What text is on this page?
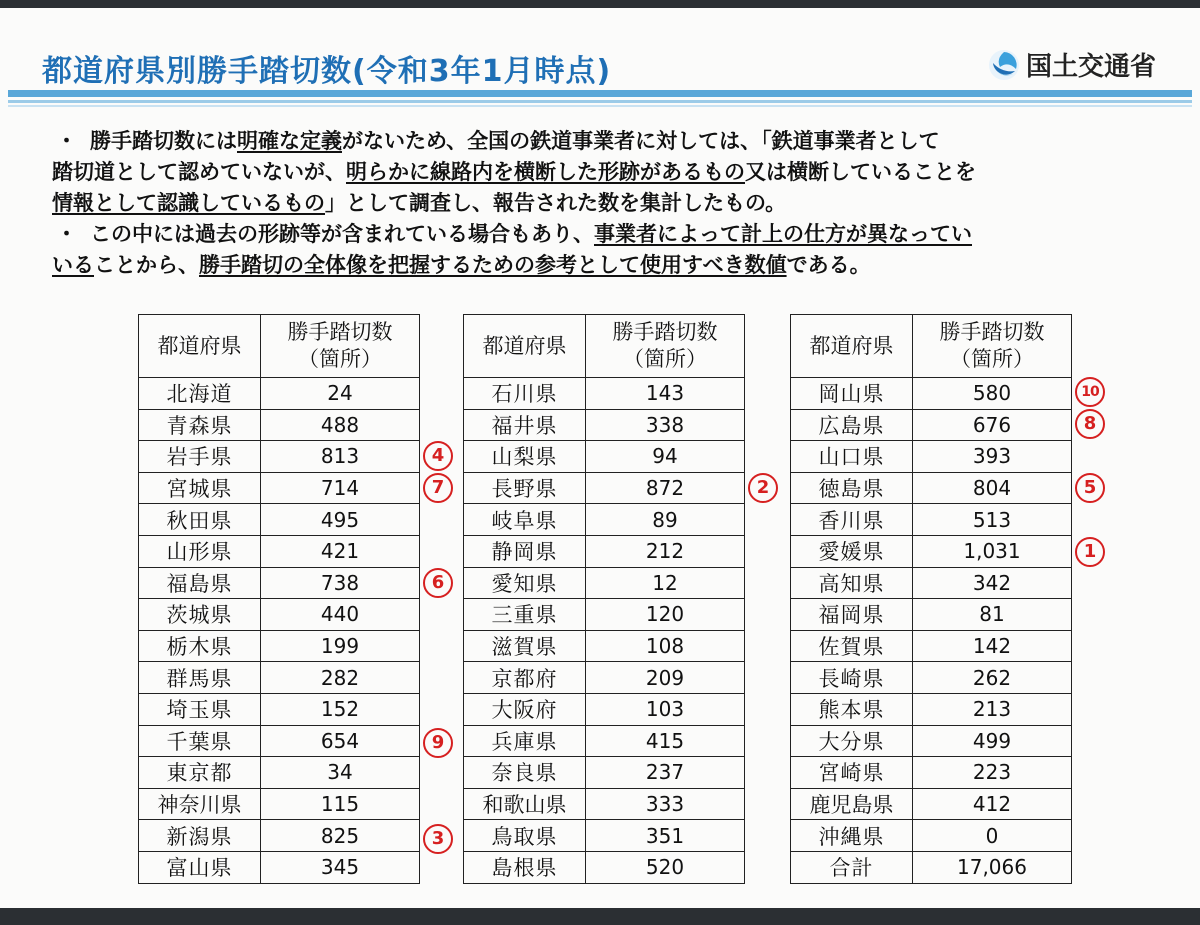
都道府県別勝手踏切数(令和3年1月時点)	国土交通省
・ 勝手踏切数には明確な定義がないため、全国の鉄道事業者に対しては、「鉄道事業者として
踏切道として認めていないが、明らかに線路内を横断した形跡があるもの又は横断していることを
情報として認識しているもの」として調査し、報告された数を集計したもの。
・ この中には過去の形跡等が含まれている場合もあり、事業者によって計上の仕方が異なってい
いることから、勝手踏切の全体像を把握するための参考として使用すべき数値である。
4
7
6
9
3
都道府県	勝手踏切数
（箇所）

北海道	24
青森県	488
岩手県	813
宮城県	714
秋田県	495
山形県	421
福島県	738
茨城県	440
栃木県	199
群馬県	282
埼玉県	152
千葉県	654
東京都	34
神奈川県	115
新潟県	825
富山県	345
2
都道府県	勝手踏切数
（箇所）

石川県	143
福井県	338
山梨県	94
長野県	872
岐阜県	89
静岡県	212
愛知県	12
三重県	120
滋賀県	108
京都府	209
大阪府	103
兵庫県	415
奈良県	237
和歌山県	333
鳥取県	351
島根県	520
10
8
5
1
都道府県	勝手踏切数
（箇所）

岡山県	580
広島県	676
山口県	393
徳島県	804
香川県	513
愛媛県	1,031
高知県	342
福岡県	81
佐賀県	142
長崎県	262
熊本県	213
大分県	499
宮崎県	223
鹿児島県	412
沖縄県	0
合計	17,066
